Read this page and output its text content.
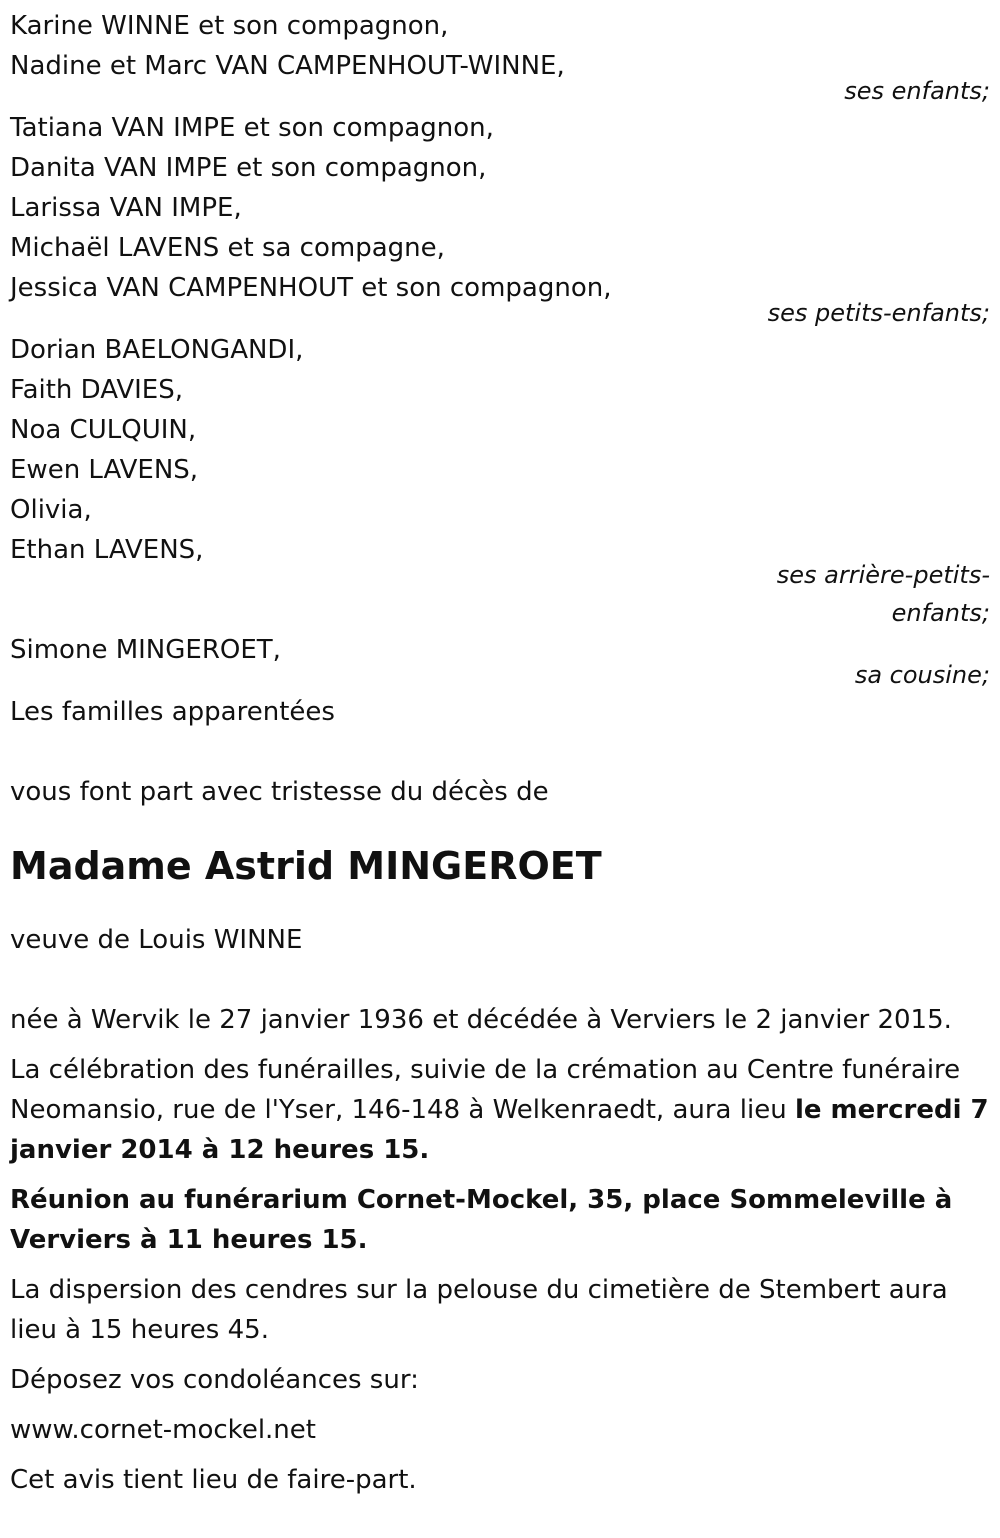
Karine WINNE et son compagnon,
Nadine et Marc VAN CAMPENHOUT-WINNE,
ses enfants;
Tatiana VAN IMPE et son compagnon,
Danita VAN IMPE et son compagnon,
Larissa VAN IMPE,
Michaël LAVENS et sa compagne,
Jessica VAN CAMPENHOUT et son compagnon,
ses petits-enfants;
Dorian BAELONGANDI,
Faith DAVIES,
Noa CULQUIN,
Ewen LAVENS,
Olivia,
Ethan LAVENS,
ses arrière-petits-
enfants;
Simone MINGEROET,
sa cousine;
Les familles apparentées
vous font part avec tristesse du décès de
Madame Astrid MINGEROET
veuve de Louis WINNE
née à Wervik le 27 janvier 1936 et décédée à Verviers le 2 janvier 2015.
La célébration des funérailles, suivie de la crémation au Centre funéraire Neomansio, rue de l'Yser, 146-148 à Welkenraedt, aura lieu le mercredi 7 janvier 2014 à 12 heures 15.
Réunion au funérarium Cornet-Mockel, 35, place Sommeleville à Verviers à 11 heures 15.
La dispersion des cendres sur la pelouse du cimetière de Stembert aura lieu à 15 heures 45.
Déposez vos condoléances sur:
www.cornet-mockel.net
Cet avis tient lieu de faire-part.
